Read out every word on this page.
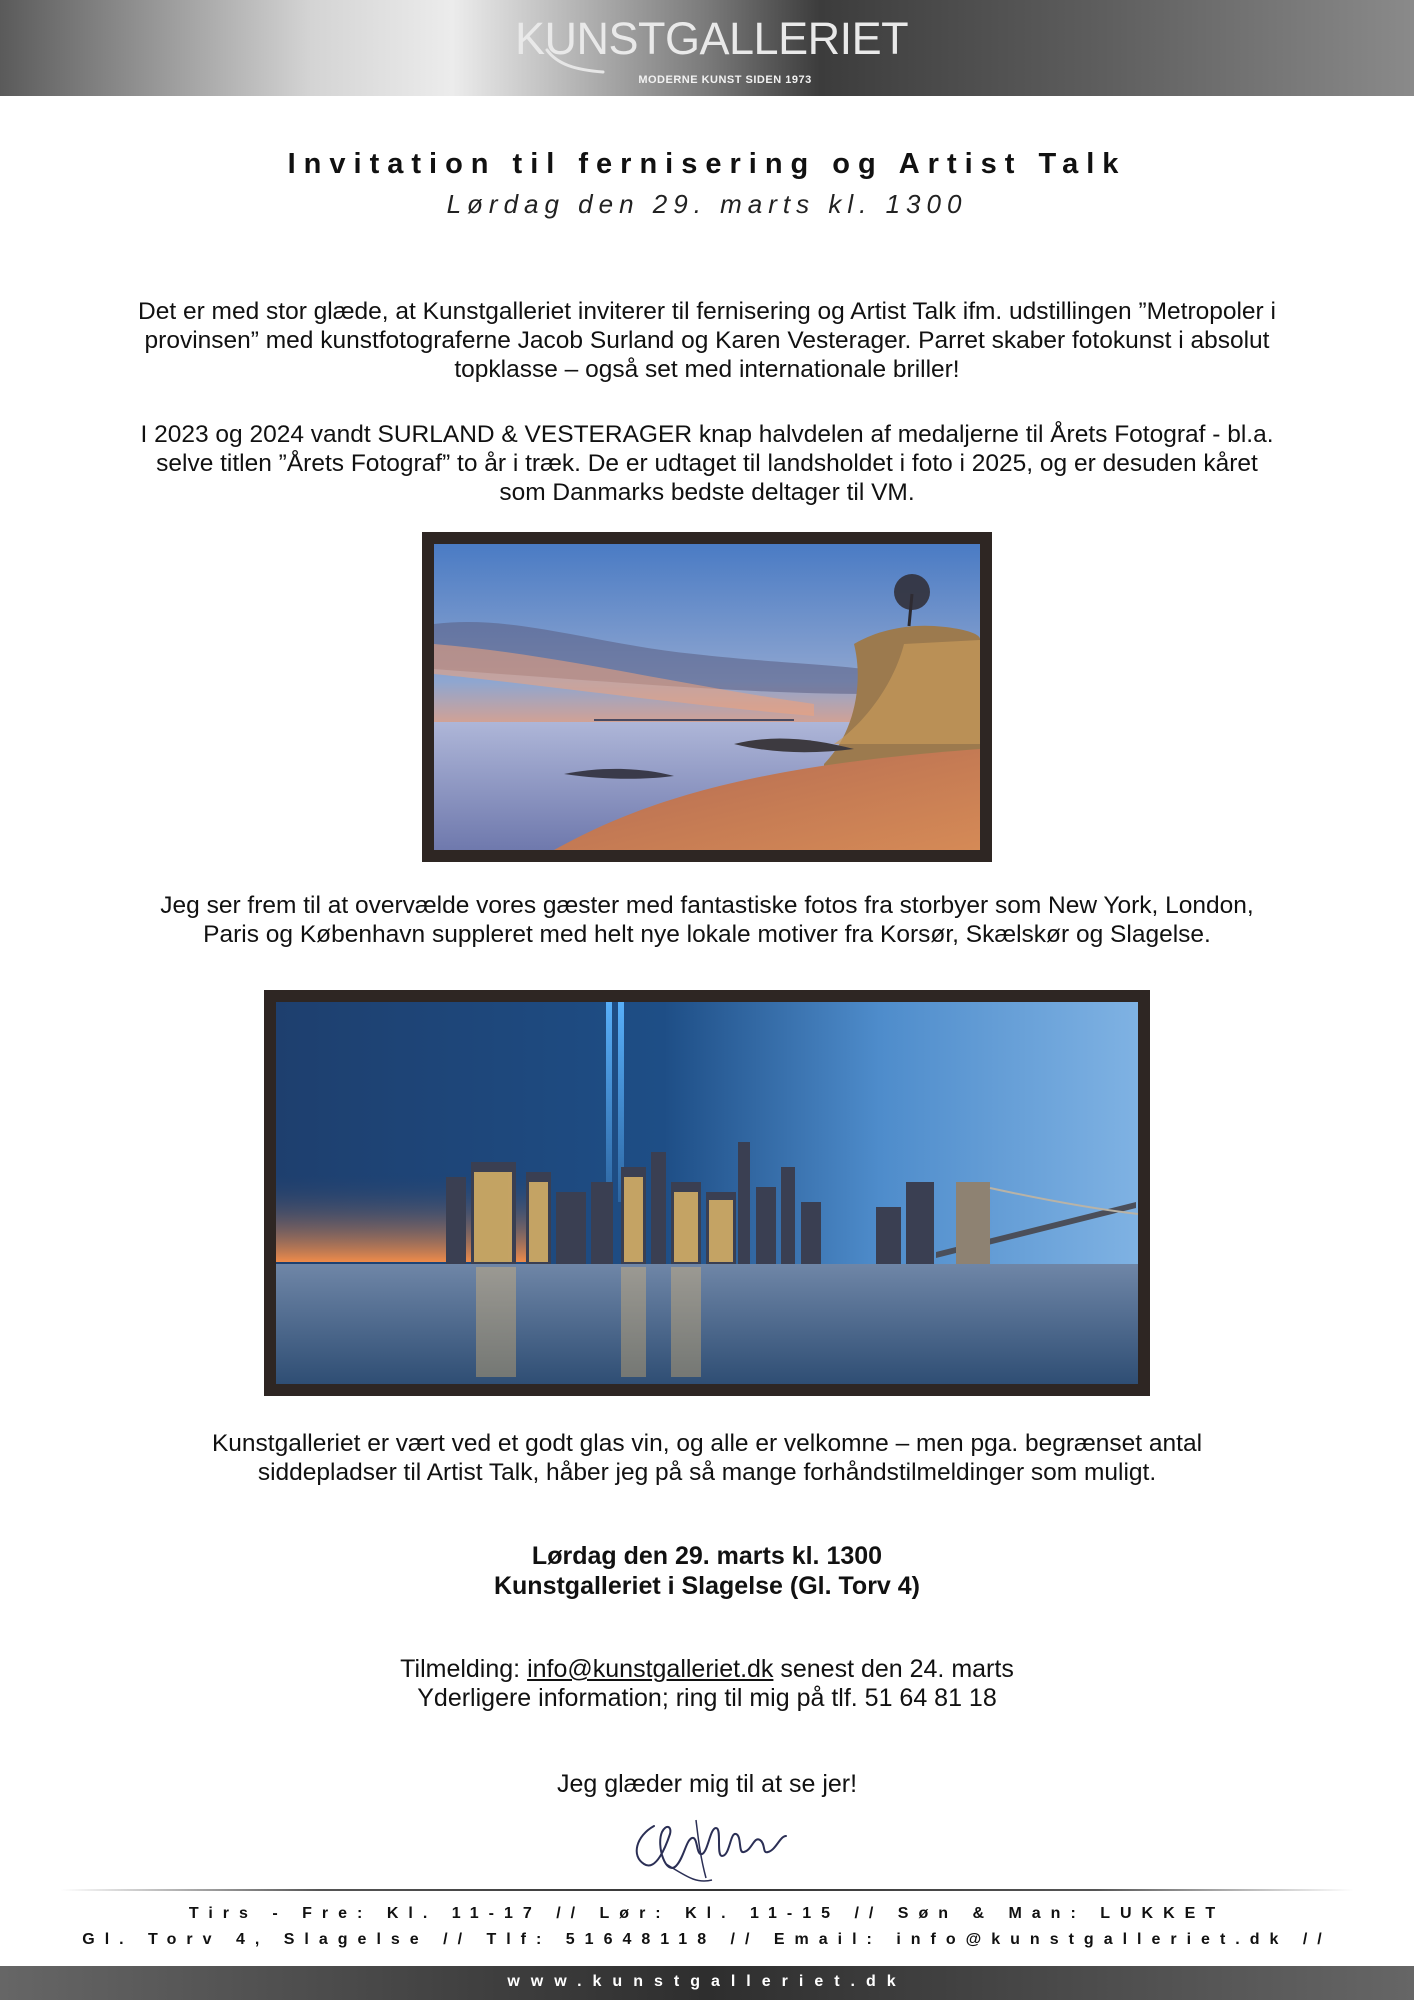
KUNSTGALLERIET
MODERNE KUNST SIDEN 1973
Invitation til fernisering og Artist Talk
Lørdag den 29. marts kl. 1300
Det er med stor glæde, at Kunstgalleriet inviterer til fernisering og Artist Talk ifm. udstillingen ”Metropoler i
provinsen” med kunstfotograferne Jacob Surland og Karen Vesterager. Parret skaber fotokunst i absolut
topklasse – også set med internationale briller!
I 2023 og 2024 vandt SURLAND & VESTERAGER knap halvdelen af medaljerne til Årets Fotograf - bl.a.
selve titlen ”Årets Fotograf” to år i træk. De er udtaget til landsholdet i foto i 2025, og er desuden kåret
som Danmarks bedste deltager til VM.
Jeg ser frem til at overvælde vores gæster med fantastiske fotos fra storbyer som New York, London,
Paris og København suppleret med helt nye lokale motiver fra Korsør, Skælskør og Slagelse.
Kunstgalleriet er vært ved et godt glas vin, og alle er velkomne – men pga. begrænset antal
siddepladser til Artist Talk, håber jeg på så mange forhåndstilmeldinger som muligt.
Lørdag den 29. marts kl. 1300
Kunstgalleriet i Slagelse (Gl. Torv 4)
Tilmelding: info@kunstgalleriet.dk senest den 24. marts
Yderligere information; ring til mig på tlf. 51 64 81 18
Jeg glæder mig til at se jer!
Tirs - Fre: Kl. 11-17 // Lør: Kl. 11-15 // Søn & Man: LUKKET
Gl. Torv 4, Slagelse // Tlf: 51648118 // Email: info@kunstgalleriet.dk //
www.kunstgalleriet.dk
